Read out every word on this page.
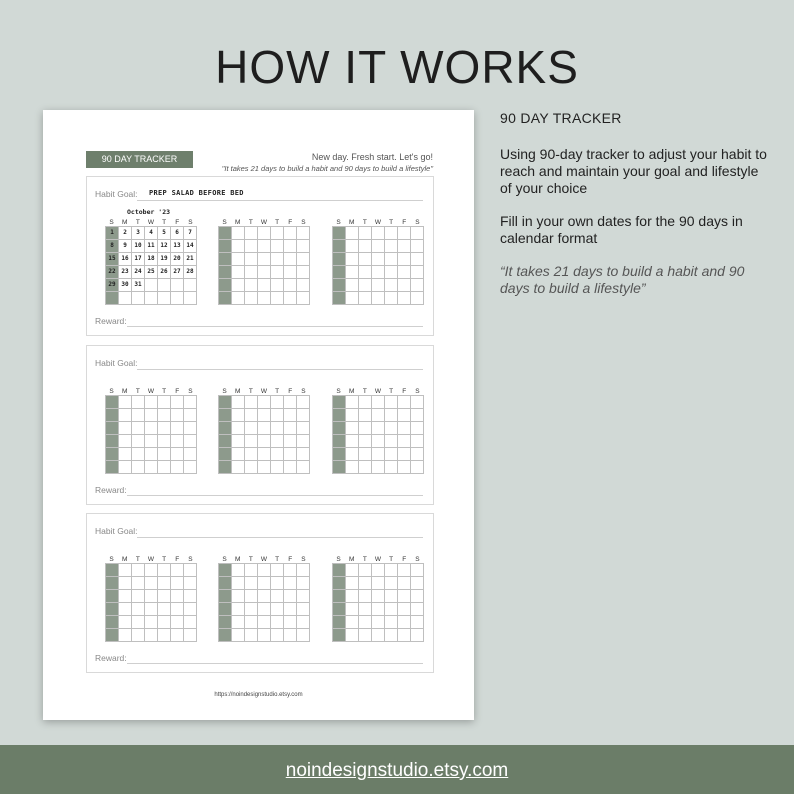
HOW IT WORKS
90 DAY TRACKER	New day. Fresh start. Let's go!
"It takes 21 days to build a habit and 90 days to build a lifestyle"
Habit Goal: PREP SALAD BEFORE BED
October '23
S	M	T	W	T	F	S
1	2	3	4	5	6	7
8	9	10 11 12 13 14
15 16 17 18 19 20 21
22 23 24 25 26 27 28
29 30 31
S	M	T	W	T	F	S	S	M	T	W	T	F	S
Reward:
Habit Goal:
S	M	T	W	T	F	S	S	M	T	W	T	F	S	S	M	T	W	T	F	S
Reward:
Habit Goal:
S	M	T	W	T	F	S	S	M	T	W	T	F	S	S	M	T	W	T	F	S
Reward:
https://noindesignstudio.etsy.com
90 DAY TRACKER
Using 90-day tracker to adjust your habit to reach and maintain your goal and lifestyle of your choice
Fill in your own dates for the 90 days in calendar format
“It takes 21 days to build a habit and 90 days to build a lifestyle”
noindesignstudio.etsy.com
